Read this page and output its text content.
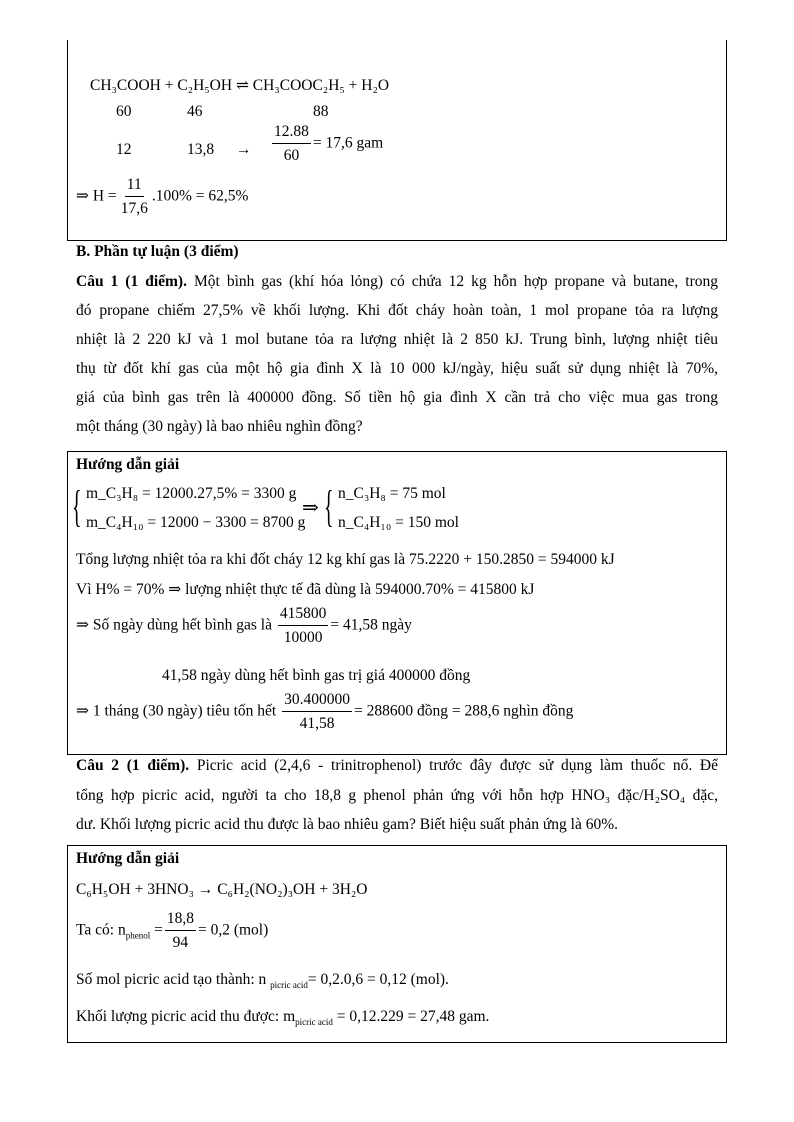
CH₃COOH + C₂H₅OH ⇌ CH₃COOC₂H₅ + H₂O
60	46	88
12	$13,8 \to \frac{12.88}{60} = 17,6$ gam
⇒ $H = \frac{11}{17,6} .100\% = 62,5\%$
B. Phần tự luận (3 điểm)
Câu 1 (1 điểm). Một bình gas (khí hóa lỏng) có chứa 12 kg hỗn hợp propane và butane, trong
đó propane chiếm 27,5% về khối lượng. Khi đốt cháy hoàn toàn, 1 mol propane tỏa ra lượng
nhiệt là 2 220 kJ và 1 mol butane tỏa ra lượng nhiệt là 2 850 kJ. Trung bình, lượng nhiệt tiêu
thụ từ đốt khí gas của một hộ gia đình X là 10 000 kJ/ngày, hiệu suất sử dụng nhiệt là 70%,
giá của bình gas trên là 400000 đồng. Số tiền hộ gia đình X cần trả cho việc mua gas trong
một tháng (30 ngày) là bao nhiêu nghìn đồng?
Hướng dẫn giải
{ m_C₃H₈ = 12000.27,5% = 3300 g
m_C₄H₁₀ = 12000 − 3300 = 8700 g
⇒ { n_C₃H₈ = 75 mol
n_C₄H₁₀ = 150 mol
Tổng lượng nhiệt tỏa ra khi đốt cháy 12 kg khí gas là 75.2220 + 150.2850 = 594000 kJ
Vì H% = 70% ⇒ lượng nhiệt thực tế đã dùng là 594000.70% = 415800 kJ
⇒ Số ngày dùng hết bình gas là $\frac{415800}{10000} = 41,58$ ngày
41,58 ngày dùng hết bình gas trị giá 400000 đồng
⇒ 1 tháng (30 ngày) tiêu tốn hết $\frac{30.400000}{41,58} = 288600$ đồng = 288,6 nghìn đồng
Câu 2 (1 điểm). Picric acid (2,4,6 - trinitrophenol) trước đây được sử dụng làm thuốc nổ. Để
tổng hợp picric acid, người ta cho 18,8 g phenol phản ứng với hỗn hợp HNO₃ đặc/H₂SO₄ đặc,
dư. Khối lượng picric acid thu được là bao nhiêu gam? Biết hiệu suất phản ứng là 60%.
Hướng dẫn giải
C₆H₅OH + 3HNO₃ → C₆H₂(NO₂)₃OH + 3H₂O
Ta có: $n_{phenol} = \frac{18,8}{94} = 0,2$ (mol)
Số mol picric acid tạo thành: n $_{picric acid}$= 0,2.0,6 = 0,12 (mol).
Khối lượng picric acid thu được: $m_{picric acid} = 0,12.229 = 27,48$ gam.
